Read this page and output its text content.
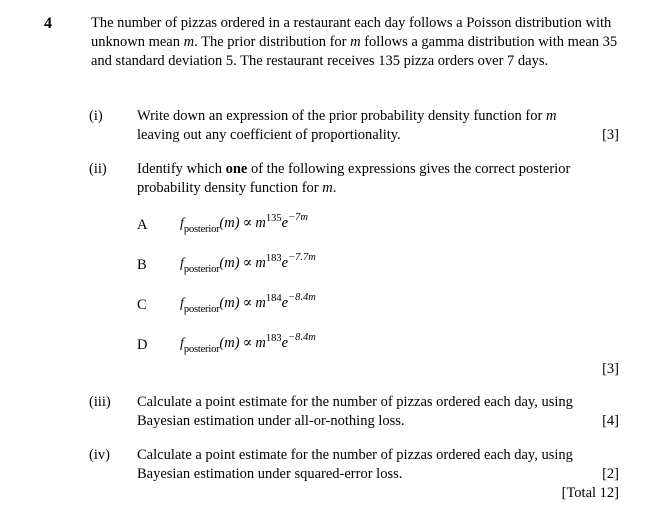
4	The number of pizzas ordered in a restaurant each day follows a Poisson distribution with unknown mean m. The prior distribution for m follows a gamma distribution with mean 35 and standard deviation 5. The restaurant receives 135 pizza orders over 7 days.
(i) Write down an expression of the prior probability density function for m leaving out any coefficient of proportionality.	[3]
(ii) Identify which one of the following expressions gives the correct posterior probability density function for m.
A $f_{posterior}(m) \propto m^{135}e^{-7m}$
B $f_{posterior}(m) \propto m^{183}e^{-7.7m}$
C $f_{posterior}(m) \propto m^{184}e^{-8.4m}$
D $f_{posterior}(m) \propto m^{183}e^{-8.4m}$
[3]
(iii) Calculate a point estimate for the number of pizzas ordered each day, using Bayesian estimation under all-or-nothing loss.	[4]
(iv) Calculate a point estimate for the number of pizzas ordered each day, using Bayesian estimation under squared-error loss.	[2]
[Total 12]
